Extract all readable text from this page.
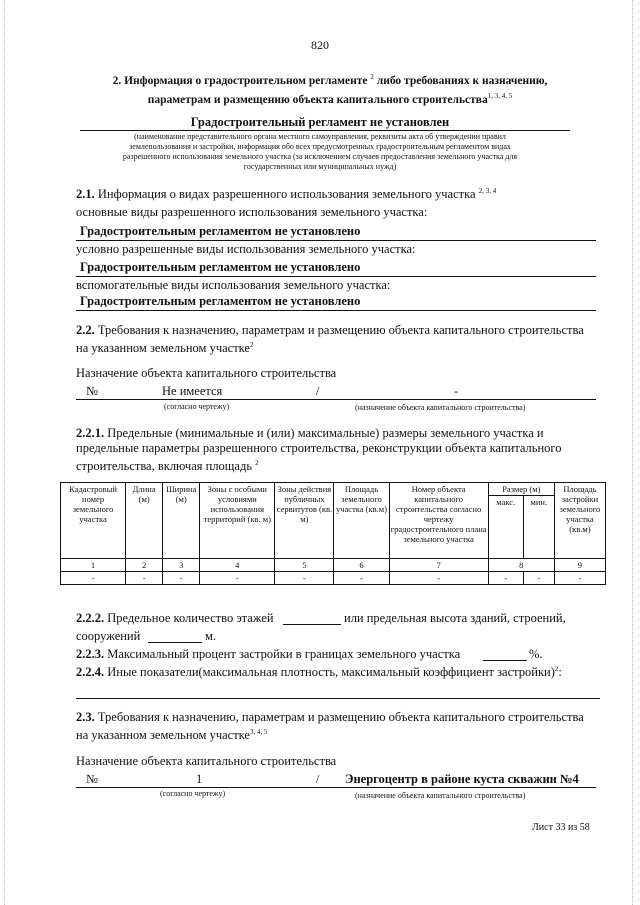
820
2. Информация о градостроительном регламенте $^2$ либо требованиях к назначению,
параметрам и размещению объекта капитального строительства$^{1, 3, 4, 5}$
Градостроительный регламент не установлен
(наименование представительного органа местного самоуправления, реквизиты акта об утверждении правил
землепользования и застройки, информация обо всех предусмотренных градостроительным регламентом видах
разрешенного использования земельного участка (за исключением случаев предоставления земельного участка для
государственных или муниципальных нужд)
2.1. Информация о видах разрешенного использования земельного участка $^{2, 3, 4}$
основные виды разрешенного использования земельного участка:
Градостроительным регламентом не установлено
условно разрешенные виды использования земельного участка:
Градостроительным регламентом не установлено
вспомогательные виды использования земельного участка:
Градостроительным регламентом не установлено
2.2. Требования к назначению, параметрам и размещению объекта капитального строительства
на указанном земельном участке$^2$
Назначение объекта капитального строительства
№	Не имеется	/	-
(согласно чертежу)	(назначение объекта капитального строительства)
2.2.1. Предельные (минимальные и (или) максимальные) размеры земельного участка и
предельные параметры разрешенного строительства, реконструкции объекта капитального
строительства, включая площадь $^2$
Кадастровый номер земельного участка	Длина (м)	Ширина (м)	Зоны с особыми условиями использования территорий (кв. м)	Зоны действия публичных сервитутов (кв. м)	Площадь земельного участка (кв.м)	Номер объекта капитального строительства согласно чертежу градостроительного плана земельного участка	Размер (м)		Площадь застройки земельного участка (кв.м)
							макс.	мин.	
1	2	3	4	5	6	7	8		9
-	-	-	-	-	-	-	-	-	-
2.2.2. Предельное количество этажей	или предельная высота зданий, строений,
сооружений	м.
2.2.3. Максимальный процент застройки в границах земельного участка	%.
2.2.4. Иные показатели(максимальная плотность, максимальный коэффициент застройки)$^2$:
2.3. Требования к назначению, параметрам и размещению объекта капитального строительства
на указанном земельном участке$^{3, 4, 5}$
Назначение объекта капитального строительства
№	1	/ Энергоцентр в районе куста скважин №4
(согласно чертежу)	(назначение объекта капитального строительства)
Лист 33 из 58
